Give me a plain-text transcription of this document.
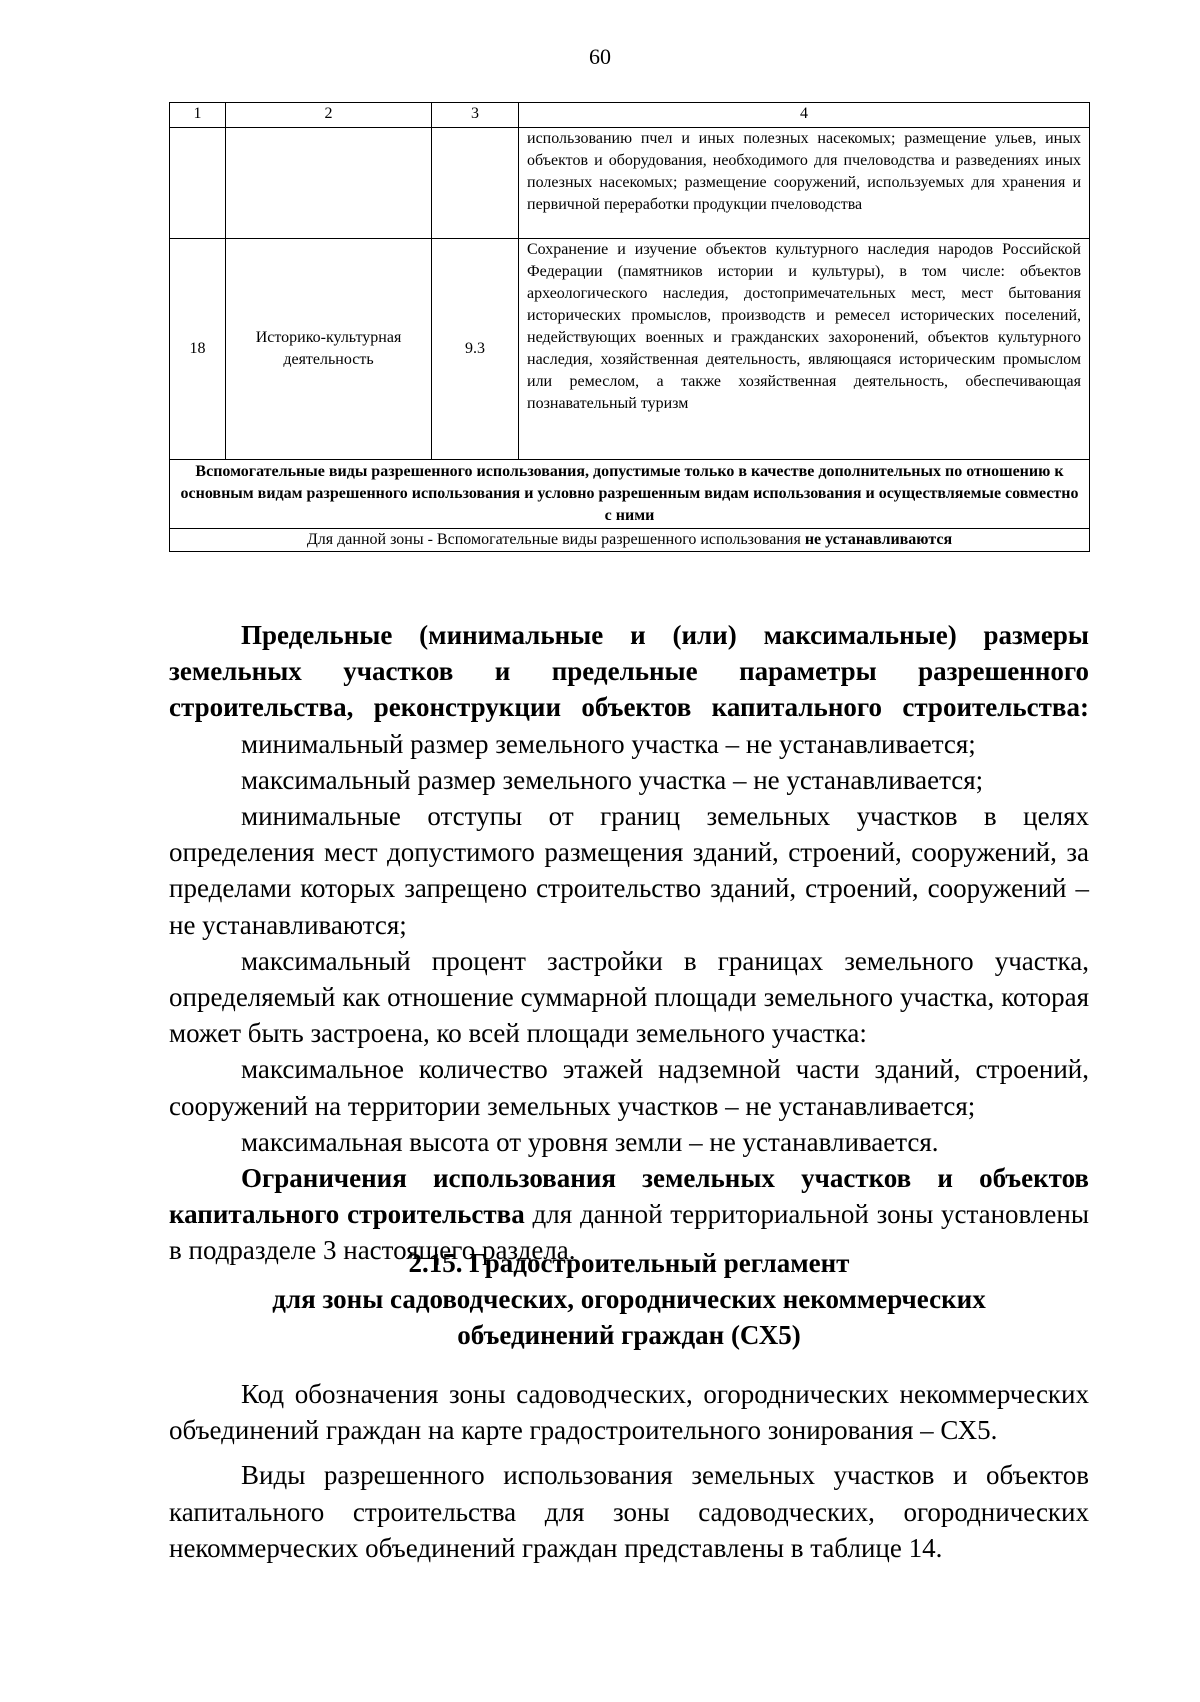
60
1	2	3	4
			использованию пчел и иных полезных насекомых; размещение ульев, иных объектов и оборудования, необходимого для пчеловодства и разведениях иных полезных насекомых; размещение сооружений, используемых для хранения и первичной переработки продукции пчеловодства
18	Историко-культурная деятельность	9.3	Сохранение и изучение объектов культурного наследия народов Российской Федерации (памятников истории и культуры), в том числе: объектов археологического наследия, достопримечательных мест, мест бытования исторических промыслов, производств и ремесел исторических поселений, недействующих военных и гражданских захоронений, объектов культурного наследия, хозяйственная деятельность, являющаяся историческим промыслом или ремеслом, а также хозяйственная деятельность, обеспечивающая познавательный туризм
Вспомогательные виды разрешенного использования, допустимые только в качестве дополнительных по отношению к основным видам разрешенного использования и условно разрешенным видам использования и осуществляемые совместно с ними			
Для данной зоны - Вспомогательные виды разрешенного использования не устанавливаются			

Предельные (минимальные и (или) максимальные) размеры земельных участков и предельные параметры разрешенного строительства, реконструкции объектов капитального строительства:

минимальный размер земельного участка – не устанавливается;

максимальный размер земельного участка – не устанавливается;

минимальные отступы от границ земельных участков в целях определения мест допустимого размещения зданий, строений, сооружений, за пределами которых запрещено строительство зданий, строений, сооружений – не устанавливаются;

максимальный процент застройки в границах земельного участка, определяемый как отношение суммарной площади земельного участка, которая может быть застроена, ко всей площади земельного участка:

максимальное количество этажей надземной части зданий, строений, сооружений на территории земельных участков – не устанавливается;

максимальная высота от уровня земли – не устанавливается.

Ограничения использования земельных участков и объектов капитального строительства для данной территориальной зоны установлены в подразделе 3 настоящего раздела.

2.15. Градостроительный регламент
для зоны садоводческих, огороднических некоммерческих
объединений граждан (СХ5)

Код обозначения зоны садоводческих, огороднических некоммерческих объединений граждан на карте градостроительного зонирования – СХ5.

Виды разрешенного использования земельных участков и объектов капитального строительства для зоны садоводческих, огороднических некоммерческих объединений граждан представлены в таблице 14.
